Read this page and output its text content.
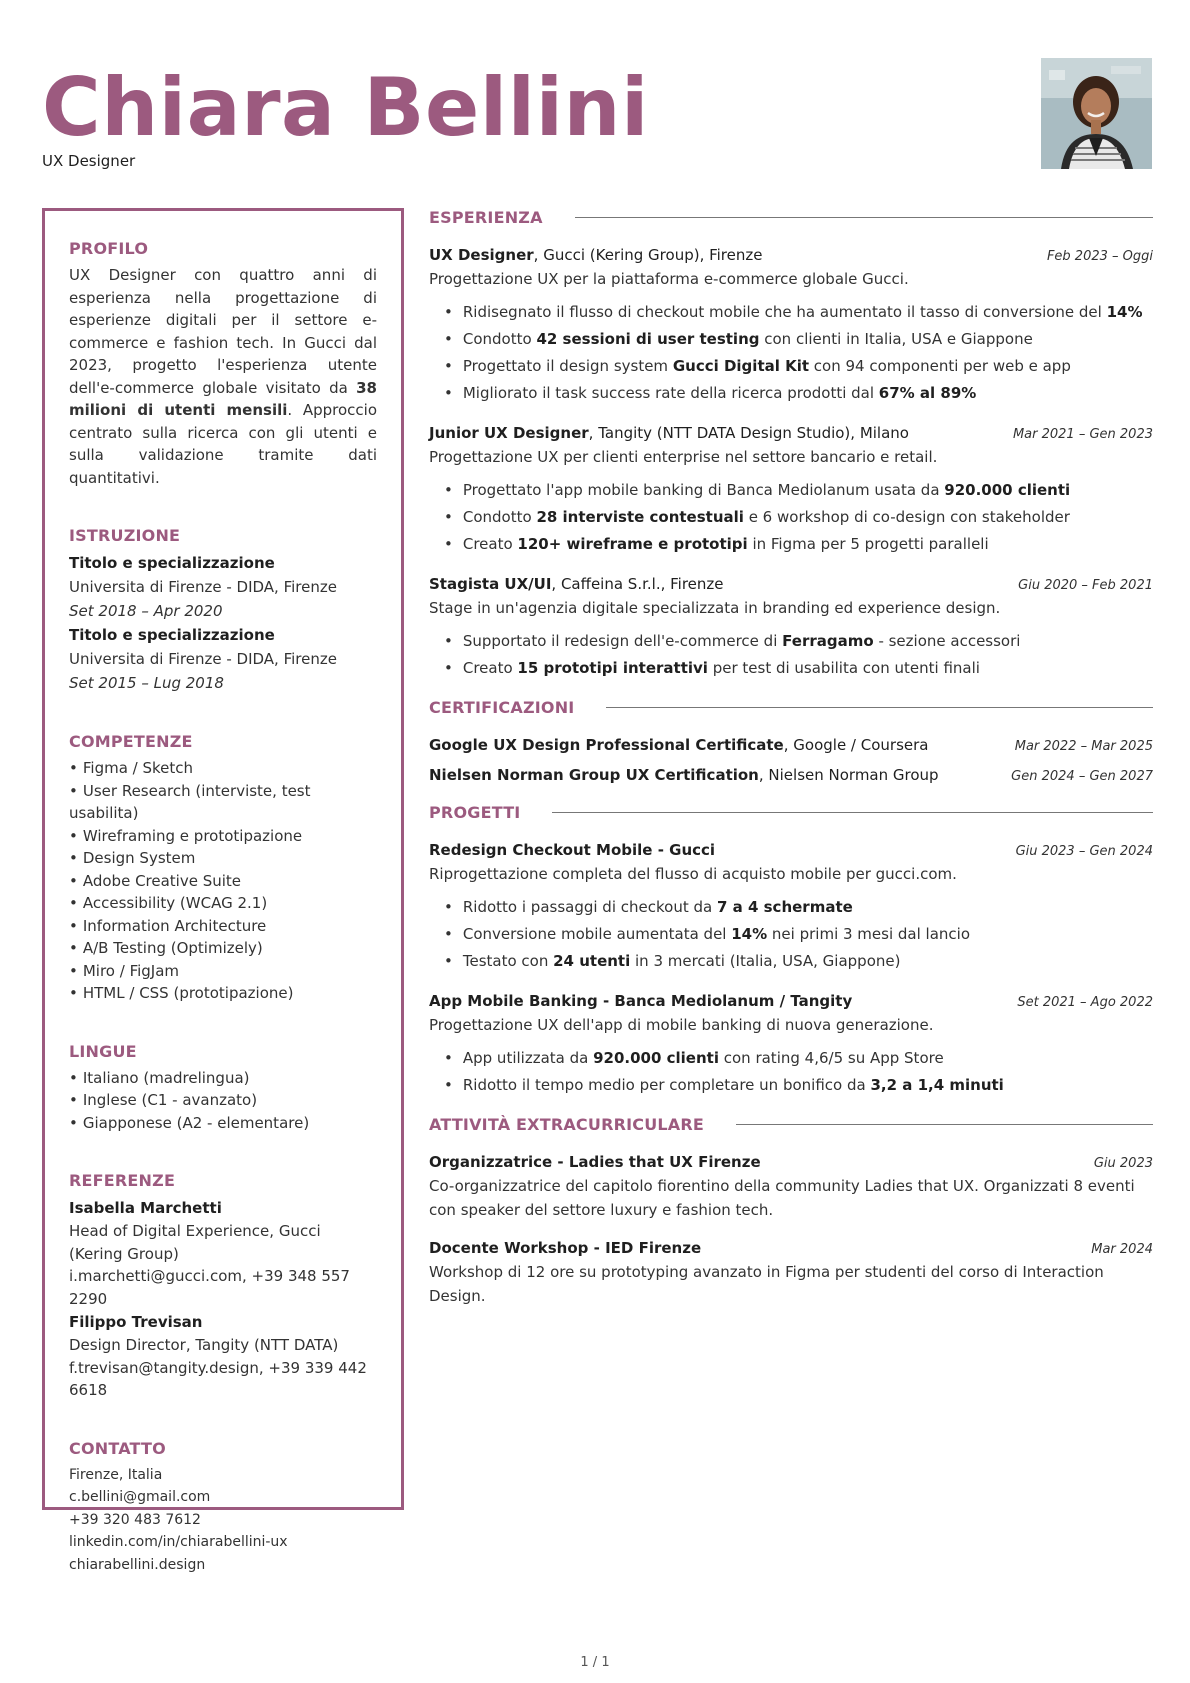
Chiara Bellini
UX Designer
PROFILO

UX Designer con quattro anni di esperienza nella progettazione di esperienze digitali per il settore e-commerce e fashion tech. In Gucci dal 2023, progetto l'esperienza utente dell'e-commerce globale visitato da 38 milioni di utenti mensili. Approccio centrato sulla ricerca con gli utenti e sulla validazione tramite dati quantitativi.

ISTRUZIONE
Titolo e specializzazione
Universita di Firenze - DIDA, Firenze
Set 2018 – Apr 2020
Titolo e specializzazione
Universita di Firenze - DIDA, Firenze
Set 2015 – Lug 2018
COMPETENZE
• Figma / Sketch
• User Research (interviste, test usabilita)
• Wireframing e prototipazione
• Design System
• Adobe Creative Suite
• Accessibility (WCAG 2.1)
• Information Architecture
• A/B Testing (Optimizely)
• Miro / FigJam
• HTML / CSS (prototipazione)
LINGUE
• Italiano (madrelingua)
• Inglese (C1 - avanzato)
• Giapponese (A2 - elementare)
REFERENZE
Isabella Marchetti
Head of Digital Experience, Gucci (Kering Group)
i.marchetti@gucci.com, +39 348 557 2290
Filippo Trevisan
Design Director, Tangity (NTT DATA)
f.trevisan@tangity.design, +39 339 442 6618
CONTATTO
Firenze, Italia
c.bellini@gmail.com
+39 320 483 7612
linkedin.com/in/chiarabellini-ux
chiarabellini.design
ESPERIENZA
UX Designer, Gucci (Kering Group), Firenze	Feb 2023 – Oggi

Progettazione UX per la piattaforma e-commerce globale Gucci.

• Ridisegnato il flusso di checkout mobile che ha aumentato il tasso di conversione del 14%
• Condotto 42 sessioni di user testing con clienti in Italia, USA e Giappone
• Progettato il design system Gucci Digital Kit con 94 componenti per web e app
• Migliorato il task success rate della ricerca prodotti dal 67% al 89%
Junior UX Designer, Tangity (NTT DATA Design Studio), Milano	Mar 2021 – Gen 2023

Progettazione UX per clienti enterprise nel settore bancario e retail.

• Progettato l'app mobile banking di Banca Mediolanum usata da 920.000 clienti
• Condotto 28 interviste contestuali e 6 workshop di co-design con stakeholder
• Creato 120+ wireframe e prototipi in Figma per 5 progetti paralleli
Stagista UX/UI, Caffeina S.r.l., Firenze	Giu 2020 – Feb 2021

Stage in un'agenzia digitale specializzata in branding ed experience design.

• Supportato il redesign dell'e-commerce di Ferragamo - sezione accessori
• Creato 15 prototipi interattivi per test di usabilita con utenti finali
CERTIFICAZIONI
Google UX Design Professional Certificate, Google / Coursera	Mar 2022 – Mar 2025
Nielsen Norman Group UX Certification, Nielsen Norman Group	Gen 2024 – Gen 2027
PROGETTI
Redesign Checkout Mobile - Gucci	Giu 2023 – Gen 2024

Riprogettazione completa del flusso di acquisto mobile per gucci.com.

• Ridotto i passaggi di checkout da 7 a 4 schermate
• Conversione mobile aumentata del 14% nei primi 3 mesi dal lancio
• Testato con 24 utenti in 3 mercati (Italia, USA, Giappone)
App Mobile Banking - Banca Mediolanum / Tangity	Set 2021 – Ago 2022

Progettazione UX dell'app di mobile banking di nuova generazione.

• App utilizzata da 920.000 clienti con rating 4,6/5 su App Store
• Ridotto il tempo medio per completare un bonifico da 3,2 a 1,4 minuti
ATTIVITÀ EXTRACURRICULARE
Organizzatrice - Ladies that UX Firenze	Giu 2023

Co-organizzatrice del capitolo fiorentino della community Ladies that UX. Organizzati 8 eventi con speaker del settore luxury e fashion tech.

Docente Workshop - IED Firenze	Mar 2024

Workshop di 12 ore su prototyping avanzato in Figma per studenti del corso di Interaction Design.

1 / 1
